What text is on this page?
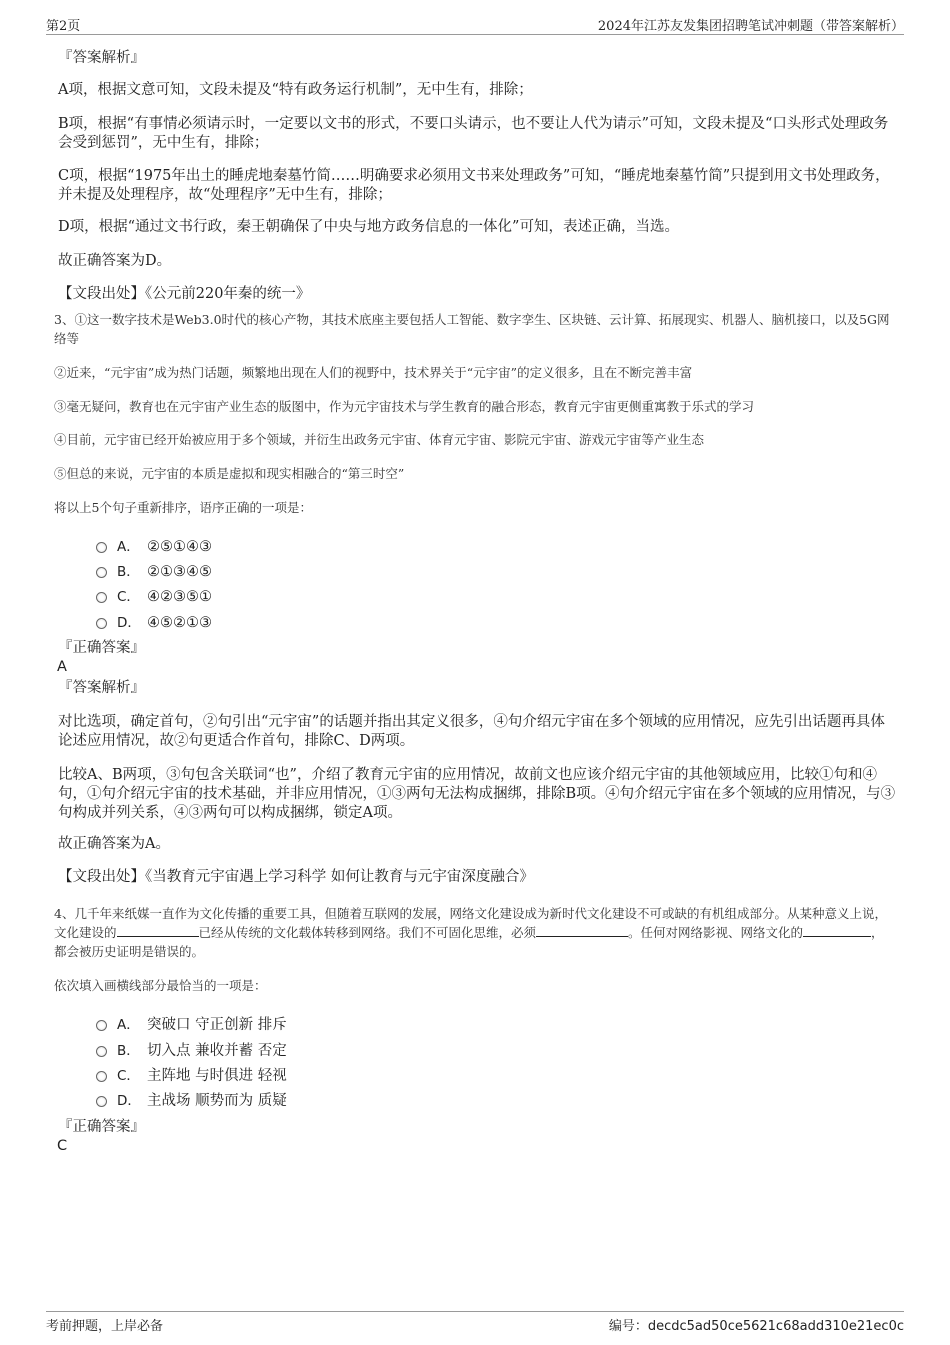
第2页	2024年江苏友发集团招聘笔试冲刺题（带答案解析）
『答案解析』
A项，根据文意可知，文段未提及“特有政务运行机制”，无中生有，排除；
B项，根据“有事情必须请示时，一定要以文书的形式，不要口头请示，也不要让人代为请示”可知，文段未提及“口头形式处理政务会受到惩罚”，无中生有，排除；
C项，根据“1975年出土的睡虎地秦墓竹简……明确要求必须用文书来处理政务”可知，“睡虎地秦墓竹简”只提到用文书处理政务，并未提及处理程序，故“处理程序”无中生有，排除；
D项，根据“通过文书行政，秦王朝确保了中央与地方政务信息的一体化”可知，表述正确，当选。
故正确答案为D。
【文段出处】《公元前220年秦的统一》
3、①这一数字技术是Web3.0时代的核心产物，其技术底座主要包括人工智能、数字孪生、区块链、云计算、拓展现实、机器人、脑机接口，以及5G网络等
②近来，“元宇宙”成为热门话题，频繁地出现在人们的视野中，技术界关于“元宇宙”的定义很多，且在不断完善丰富
③毫无疑问，教育也在元宇宙产业生态的版图中，作为元宇宙技术与学生教育的融合形态，教育元宇宙更侧重寓教于乐式的学习
④目前，元宇宙已经开始被应用于多个领域，并衍生出政务元宇宙、体育元宇宙、影院元宇宙、游戏元宇宙等产业生态
⑤但总的来说，元宇宙的本质是虚拟和现实相融合的“第三时空”
将以上5个句子重新排序，语序正确的一项是：
A． ②⑤①④③
B． ②①③④⑤
C． ④②③⑤①
D． ④⑤②①③
『正确答案』
A
『答案解析』
对比选项，确定首句，②句引出“元宇宙”的话题并指出其定义很多，④句介绍元宇宙在多个领域的应用情况，应先引出话题再具体论述应用情况，故②句更适合作首句，排除C、D两项。
比较A、B两项，③句包含关联词“也”，介绍了教育元宇宙的应用情况，故前文也应该介绍元宇宙的其他领域应用，比较①句和④句，①句介绍元宇宙的技术基础，并非应用情况，①③两句无法构成捆绑，排除B项。④句介绍元宇宙在多个领域的应用情况，与③句构成并列关系，④③两句可以构成捆绑，锁定A项。
故正确答案为A。
【文段出处】《当教育元宇宙遇上学习科学 如何让教育与元宇宙深度融合》
4、几千年来纸媒一直作为文化传播的重要工具，但随着互联网的发展，网络文化建设成为新时代文化建设不可或缺的有机组成部分。从某种意义上说，文化建设的	已经从传统的文化载体转移到网络。我们不可固化思维，必须	。任何对网络影视、网络文化的	，都会被历史证明是错误的。
依次填入画横线部分最恰当的一项是：
A． 突破口 守正创新 排斥
B． 切入点 兼收并蓄 否定
C． 主阵地 与时俱进 轻视
D． 主战场 顺势而为 质疑
『正确答案』
C
考前押题，上岸必备	编号：decdc5ad50ce5621c68add310e21ec0c
